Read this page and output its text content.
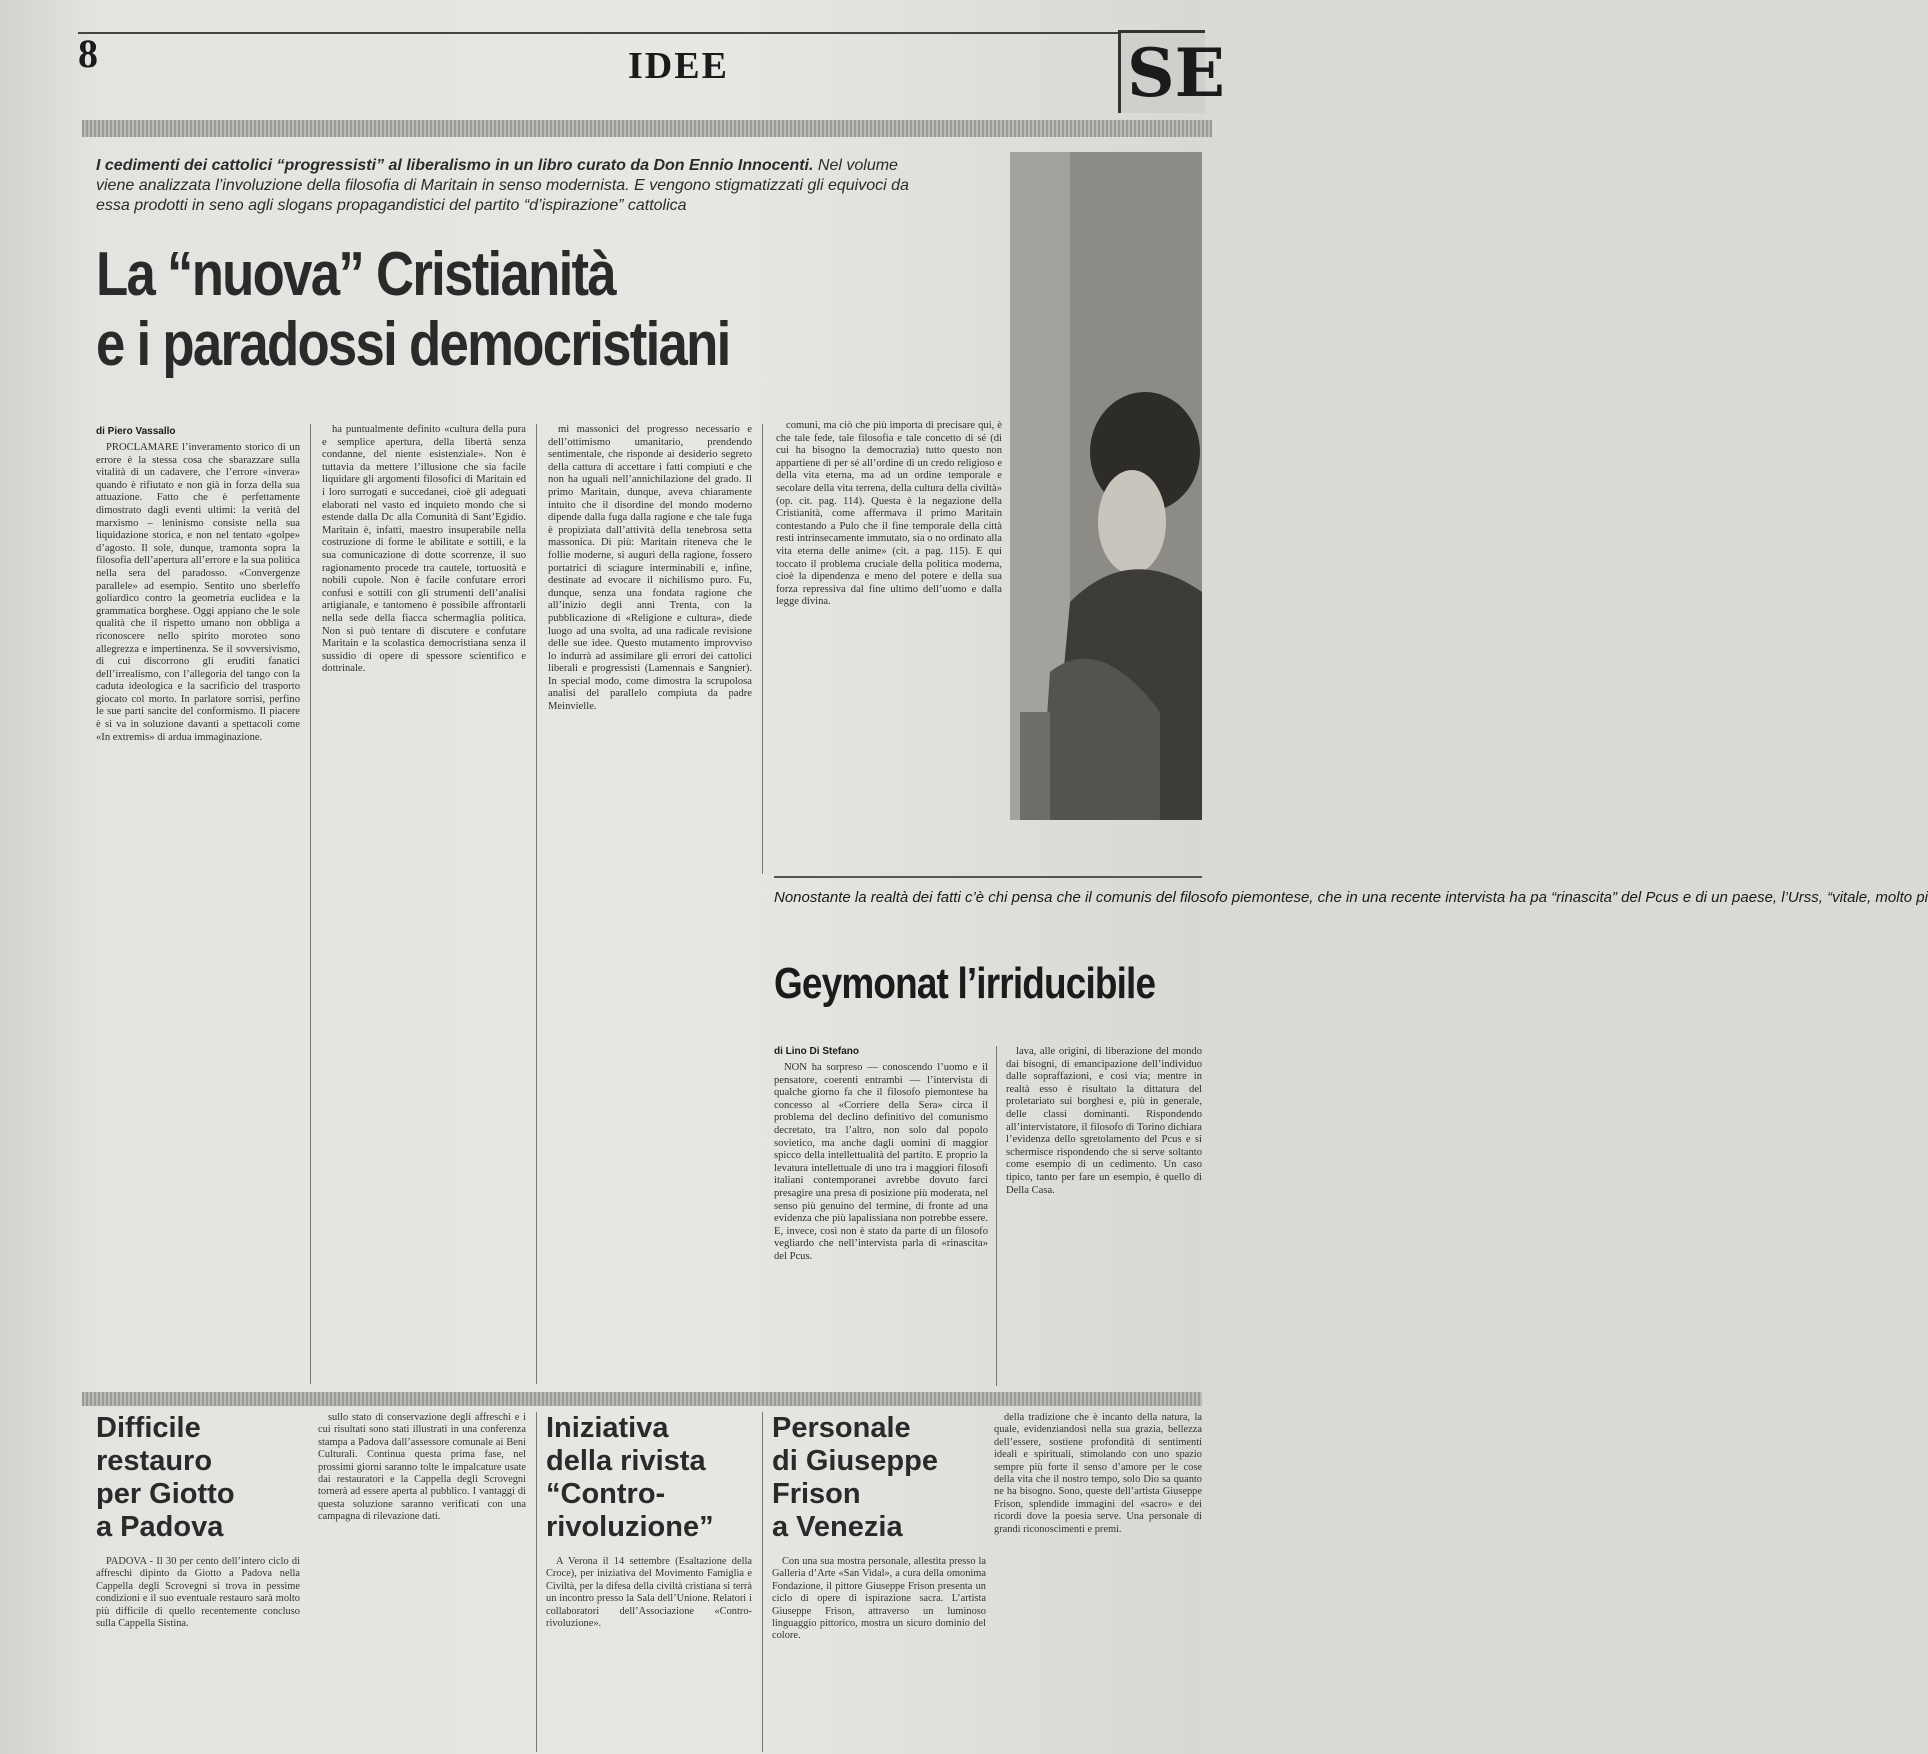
8	IDEE	SE
I cedimenti dei cattolici “progressisti” al liberalismo in un libro curato da Don Ennio Innocenti. Nel volume viene analizzata l’involuzione della filosofia di Maritain in senso modernista. E vengono stigmatizzati gli equivoci da essa prodotti in seno agli slogans propagandistici del partito “d’ispirazione” cattolica
La “nuova” Cristianità
e i paradossi democristiani
di Piero Vassallo

PROCLAMARE l’inveramento storico di un errore è la stessa cosa che sbarazzare sulla vitalità di un cadavere, che l’errore «invera» quando è rifiutato e non già in forza della sua attuazione. Fatto che è perfettamente dimostrato dagli eventi ultimi: la verità del marxismo – leninismo consiste nella sua liquidazione storica, e non nel tentato «golpe» d’agosto. Il sole, dunque, tramonta sopra la filosofia dell’apertura all’errore e la sua politica nella sera del paradosso. «Convergenze parallele» ad esempio. Sentito uno sberleffo goliardico contro la geometria euclidea e la grammatica borghese. Oggi appiano che le sole qualità che il rispetto umano non obbliga a riconoscere nello spirito moroteo sono allegrezza e impertinenza. Se il sovversivismo, di cui discorrono gli eruditi fanatici dell’irrealismo, con l’allegoria del tango con la caduta ideologica e la sacrificio del trasporto giocato col morto. In parlatore sorrisi, perfino le sue parti sancite del conformismo. Il piacere è si va in soluzione davanti a spettacoli come «In extremis» di ardua immaginazione.

ha puntualmente definito «cultura della pura e semplice apertura, della libertà senza condanne, del niente esistenziale». Non è tuttavia da mettere l’illusione che sia facile liquidare gli argomenti filosofici di Maritain ed i loro surrogati e succedanei, cioè gli adeguati elaborati nel vasto ed inquieto mondo che si estende dalla Dc alla Comunità di Sant’Egidio. Maritain è, infatti, maestro insuperabile nella costruzione di forme le abilitate e sottili, e la sua comunicazione di dotte scorrenze, il suo ragionamento procede tra cautele, tortuosità e nobili cupole. Non è facile confutare errori confusi e sottili con gli strumenti dell’analisi artigianale, e tantomeno è possibile affrontarli nella sede della fiacca schermaglia politica. Non si può tentare di discutere e confutare Maritain e la scolastica democristiana senza il sussidio di opere di spessore scientifico e dottrinale.

mi massonici del progresso necessario e dell’ottimismo umanitario, prendendo sentimentale, che risponde ai desiderio segreto della cattura di accettare i fatti compiuti e che non ha uguali nell’annichilazione del grado. Il primo Maritain, dunque, aveva chiaramente intuito che il disordine del mondo moderno dipende dalla fuga dalla ragione e che tale fuga è propiziata dall’attività della tenebrosa setta massonica. Di più: Maritain riteneva che le follie moderne, si auguri della ragione, fossero portatrici di sciagure interminabili e, infine, destinate ad evocare il nichilismo puro. Fu, dunque, senza una fondata ragione che all’inizio degli anni Trenta, con la pubblicazione di «Religione e cultura», diede luogo ad una svolta, ad una radicale revisione delle sue idee. Questo mutamento improvviso lo indurrà ad assimilare gli errori dei cattolici liberali e progressisti (Lamennais e Sangnier). In special modo, come dimostra la scrupolosa analisi del parallelo compiuta da padre Meinvielle.

comuni, ma ciò che più importa di precisare qui, è che tale fede, tale filosofia e tale concetto di sé (di cui ha bisogno la democrazia) tutto questo non appartiene di per sé all’ordine di un credo religioso e della vita eterna, ma ad un ordine temporale e secolare della vita terrena, della cultura della civiltà» (op. cit. pag. 114). Questa è la negazione della Cristianità, come affermava il primo Maritain contestando a Pulo che il fine temporale della città resti intrinsecamente immutato, sia o no ordinato alla vita eterna delle anime» (cit. a pag. 115). E qui toccato il problema cruciale della politica moderna, cioè la dipendenza e meno del potere e della sua forza repressiva dal fine ultimo dell’uomo e dalla legge divina.

Nonostante la realtà dei fatti c’è chi pensa che il comunis del filosofo piemontese, che in una recente intervista ha pa “rinascita” del Pcus e di un paese, l’Urss, “vitale, molto pi
Geymonat l’irriducibile
di Lino Di Stefano

NON ha sorpreso — conoscendo l’uomo e il pensatore, coerenti entrambi — l’intervista di qualche giorno fa che il filosofo piemontese ha concesso al «Corriere della Sera» circa il problema del declino definitivo del comunismo decretato, tra l’altro, non solo dal popolo sovietico, ma anche dagli uomini di maggior spicco della intellettualità del partito. E proprio la levatura intellettuale di uno tra i maggiori filosofi italiani contemporanei avrebbe dovuto farci presagire una presa di posizione più moderata, nel senso più genuino del termine, di fronte ad una evidenza che più lapalissiana non potrebbe essere. E, invece, così non è stato da parte di un filosofo vegliardo che nell’intervista parla di «rinascita» del Pcus.

lava, alle origini, di liberazione del mondo dai bisogni, di emancipazione dell’individuo dalle sopraffazioni, e così via; mentre in realtà esso è risultato la dittatura del proletariato sui borghesi e, più in generale, delle classi dominanti. Rispondendo all’intervistatore, il filosofo di Torino dichiara l’evidenza dello sgretolamento del Pcus e si schermisce rispondendo che si serve soltanto come esempio di un cedimento. Un caso tipico, tanto per fare un esempio, è quello di Della Casa.

Difficile
restauro
per Giotto
a Padova

PADOVA - Il 30 per cento dell’intero ciclo di affreschi dipinto da Giotto a Padova nella Cappella degli Scrovegni si trova in pessime condizioni e il suo eventuale restauro sarà molto più difficile di quello recentemente concluso sulla Cappella Sistina.

sullo stato di conservazione degli affreschi e i cui risultati sono stati illustrati in una conferenza stampa a Padova dall’assessore comunale ai Beni Culturali. Continua questa prima fase, nel prossimi giorni saranno tolte le impalcature usate dai restauratori e la Cappella degli Scrovegni tornerà ad essere aperta al pubblico. I vantaggi di questa soluzione saranno verificati con una campagna di rilevazione dati.

Iniziativa
della rivista
“Contro-
rivoluzione”

A Verona il 14 settembre (Esaltazione della Croce), per iniziativa del Movimento Famiglia e Civiltà, per la difesa della civiltà cristiana si terrà un incontro presso la Sala dell’Unione. Relatori i collaboratori dell’Associazione «Contro-rivoluzione».

Personale
di Giuseppe
Frison
a Venezia

Con una sua mostra personale, allestita presso la Galleria d’Arte «San Vidal», a cura della omonima Fondazione, il pittore Giuseppe Frison presenta un ciclo di opere di ispirazione sacra. L’artista Giuseppe Frison, attraverso un luminoso linguaggio pittorico, mostra un sicuro dominio del colore.

della tradizione che è incanto della natura, la quale, evidenziandosi nella sua grazia, bellezza dell’essere, sostiene profondità di sentimenti ideali e spirituali, stimolando con uno spazio sempre più forte il senso d’amore per le cose della vita che il nostro tempo, solo Dio sa quanto ne ha bisogno. Sono, queste dell’artista Giuseppe Frison, splendide immagini del «sacro» e dei ricordi dove la poesia serve. Una personale di grandi riconoscimenti e premi.
